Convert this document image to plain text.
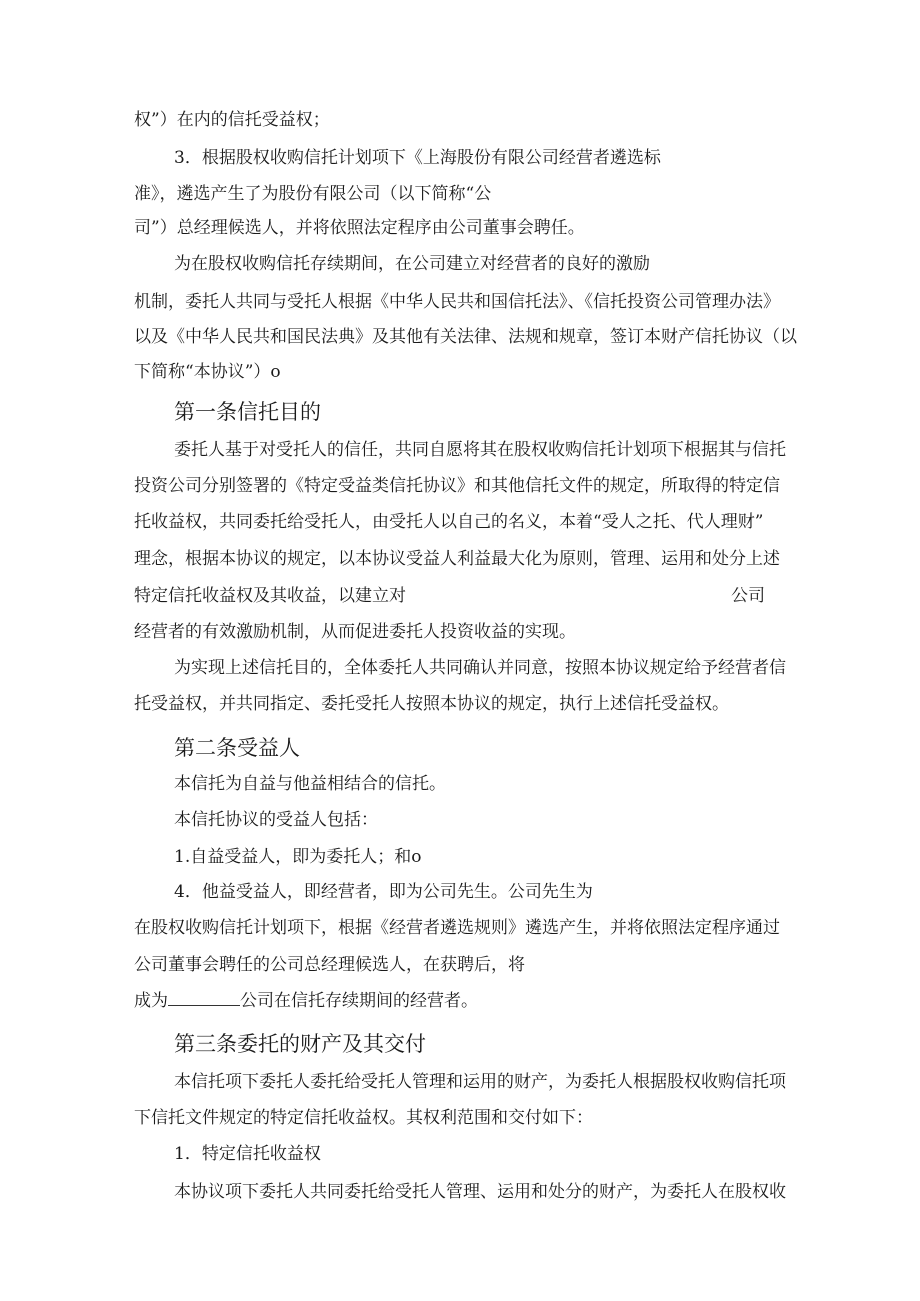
权”）在内的信托受益权；
3．根据股权收购信托计划项下《上海股份有限公司经营者遴选标
准》，遴选产生了为股份有限公司（以下简称“公
司”）总经理候选人，并将依照法定程序由公司董事会聘任。
为在股权收购信托存续期间，在公司建立对经营者的良好的激励
机制，委托人共同与受托人根据《中华人民共和国信托法》、《信托投资公司管理办法》
以及《中华人民共和国民法典》及其他有关法律、法规和规章，签订本财产信托协议（以
下简称“本协议”）o
第一条信托目的
委托人基于对受托人的信任，共同自愿将其在股权收购信托计划项下根据其与信托
投资公司分别签署的《特定受益类信托协议》和其他信托文件的规定，所取得的特定信
托收益权，共同委托给受托人，由受托人以自己的名义，本着“受人之托、代人理财”
理念，根据本协议的规定，以本协议受益人利益最大化为原则，管理、运用和处分上述
特定信托收益权及其收益，以建立对	公司
经营者的有效激励机制，从而促进委托人投资收益的实现。
为实现上述信托目的，全体委托人共同确认并同意，按照本协议规定给予经营者信
托受益权，并共同指定、委托受托人按照本协议的规定，执行上述信托受益权。
第二条受益人
本信托为自益与他益相结合的信托。
本信托协议的受益人包括：
1.自益受益人，即为委托人；和o
4．他益受益人，即经营者，即为公司先生。公司先生为
在股权收购信托计划项下，根据《经营者遴选规则》遴选产生，并将依照法定程序通过
公司董事会聘任的公司总经理候选人，在获聘后，将
成为	公司在信托存续期间的经营者。
第三条委托的财产及其交付
本信托项下委托人委托给受托人管理和运用的财产，为委托人根据股权收购信托项
下信托文件规定的特定信托收益权。其权利范围和交付如下：
1．特定信托收益权
本协议项下委托人共同委托给受托人管理、运用和处分的财产，为委托人在股权收
